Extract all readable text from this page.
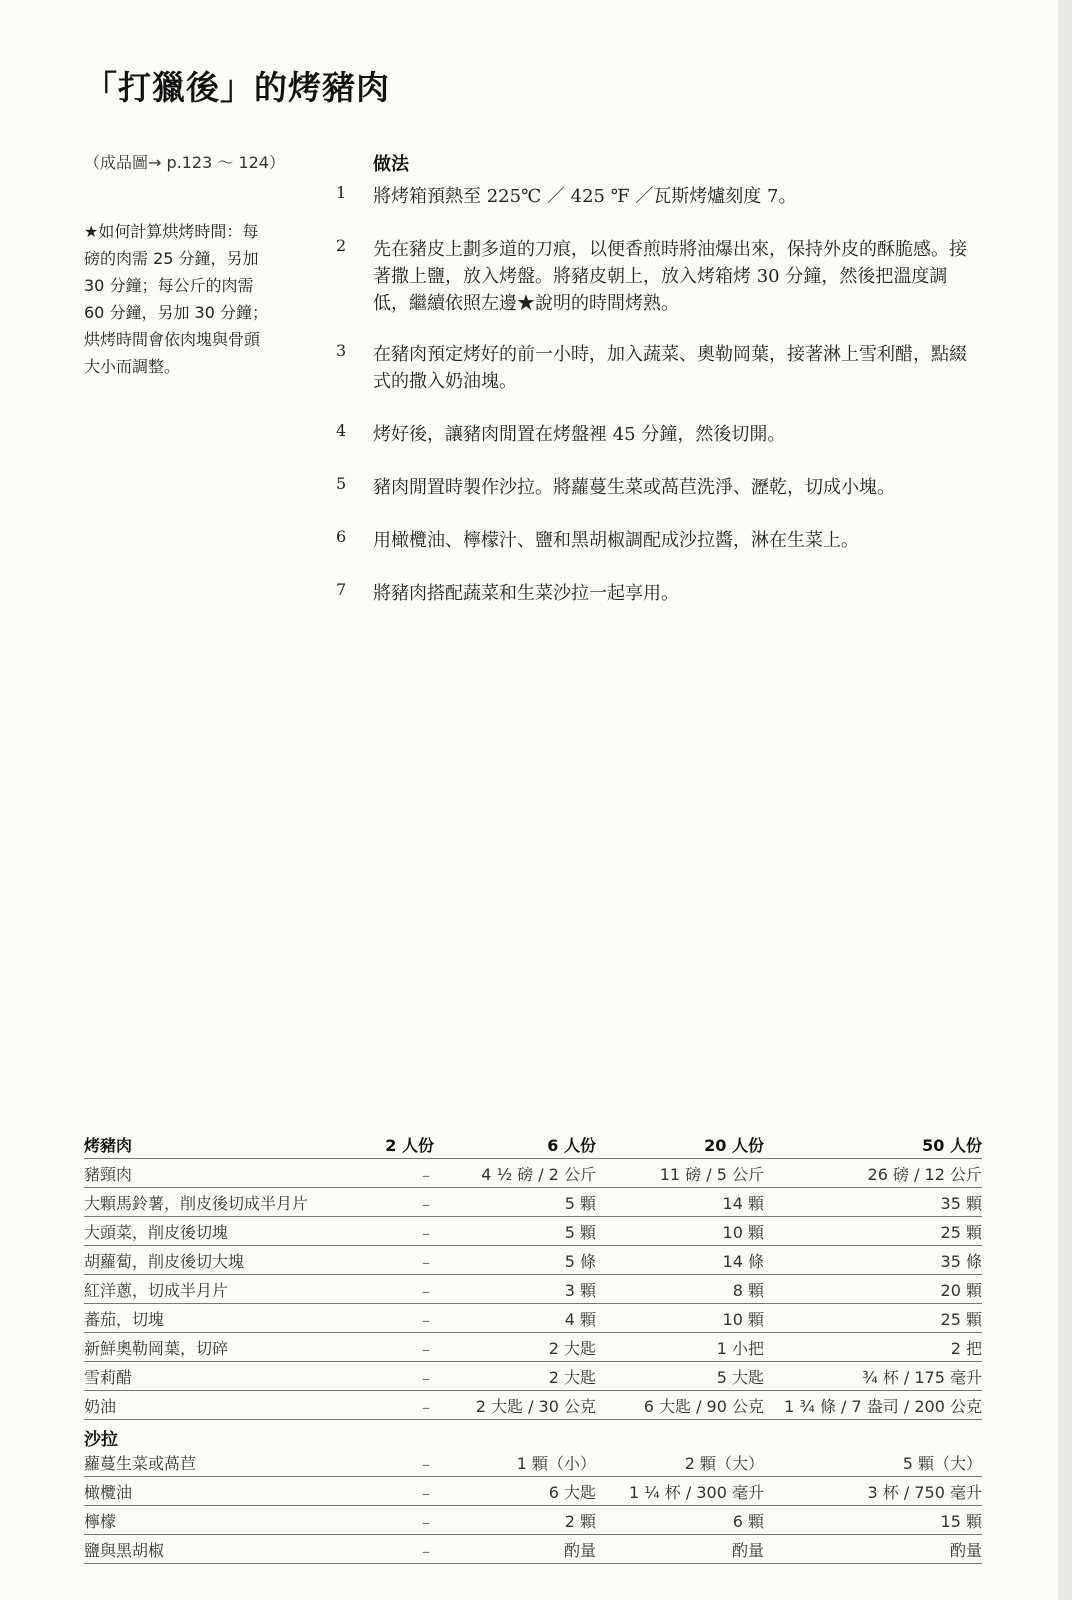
「打獵後」的烤豬肉
（成品圖→ p.123 ～ 124）
★如何計算烘烤時間：每磅的肉需 25 分鐘，另加 30 分鐘；每公斤的肉需 60 分鐘，另加 30 分鐘；烘烤時間會依肉塊與骨頭大小而調整。
做法
1 將烤箱預熱至 225℃ ／ 425 ℉ ／瓦斯烤爐刻度 7。
2 先在豬皮上劃多道的刀痕，以便香煎時將油爆出來，保持外皮的酥脆感。接著撒上鹽，放入烤盤。將豬皮朝上，放入烤箱烤 30 分鐘，然後把溫度調低，繼續依照左邊★說明的時間烤熟。
3 在豬肉預定烤好的前一小時，加入蔬菜、奧勒岡葉，接著淋上雪利醋，點綴式的撒入奶油塊。
4 烤好後，讓豬肉閒置在烤盤裡 45 分鐘，然後切開。
5 豬肉閒置時製作沙拉。將蘿蔓生菜或萵苣洗淨、瀝乾，切成小塊。
6 用橄欖油、檸檬汁、鹽和黑胡椒調配成沙拉醬，淋在生菜上。
7 將豬肉搭配蔬菜和生菜沙拉一起享用。
烤豬肉	2 人份	6 人份	20 人份	50 人份
豬頸肉	–	4 ½ 磅 / 2 公斤	11 磅 / 5 公斤	26 磅 / 12 公斤
大顆馬鈴薯，削皮後切成半月片	–	5 顆	14 顆	35 顆
大頭菜，削皮後切塊	–	5 顆	10 顆	25 顆
胡蘿蔔，削皮後切大塊	–	5 條	14 條	35 條
紅洋蔥，切成半月片	–	3 顆	8 顆	20 顆
蕃茄，切塊	–	4 顆	10 顆	25 顆
新鮮奧勒岡葉，切碎	–	2 大匙	1 小把	2 把
雪莉醋	–	2 大匙	5 大匙	¾ 杯 / 175 毫升
奶油	–	2 大匙 / 30 公克	6 大匙 / 90 公克	1 ¾ 條 / 7 盎司 / 200 公克
沙拉
蘿蔓生菜或萵苣	–	1 顆（小）	2 顆（大）	5 顆（大）
橄欖油	–	6 大匙	1 ¼ 杯 / 300 毫升	3 杯 / 750 毫升
檸檬	–	2 顆	6 顆	15 顆
鹽與黑胡椒	–	酌量	酌量	酌量
